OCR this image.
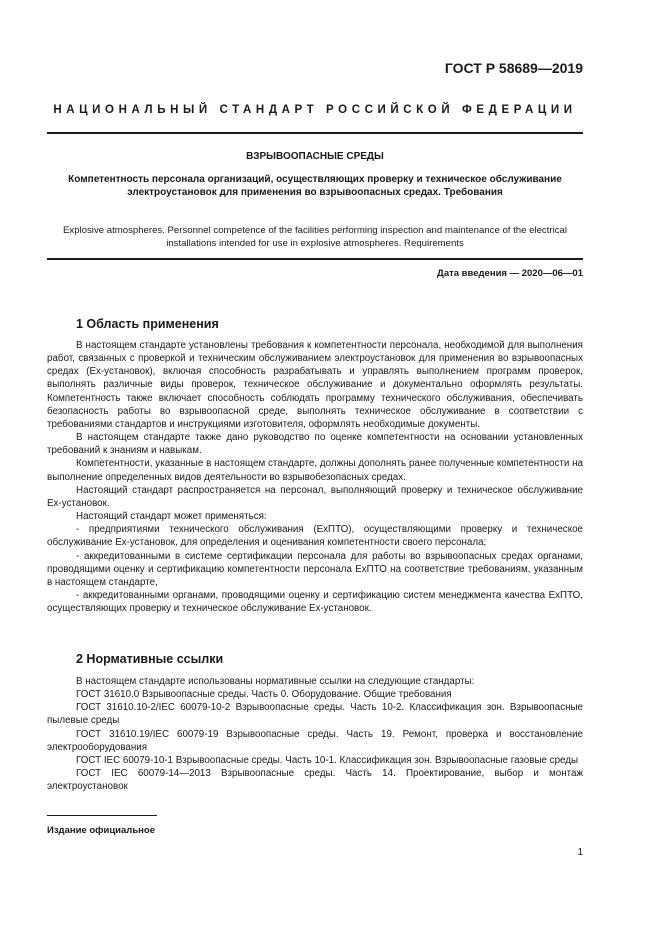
ГОСТ Р 58689—2019
НАЦИОНАЛЬНЫЙ СТАНДАРТ РОССИЙСКОЙ ФЕДЕРАЦИИ
ВЗРЫВООПАСНЫЕ СРЕДЫ
Компетентность персонала организаций, осуществляющих проверку и техническое обслуживание электроустановок для применения во взрывоопасных средах. Требования
Explosive atmospheres. Personnel competence of the facilities performing inspection and maintenance of the electrical installations intended for use in explosive atmospheres. Requirements
Дата введения — 2020—06—01
1 Область применения

В настоящем стандарте установлены требования к компетентности персонала, необходимой для выполнения работ, связанных с проверкой и техническим обслуживанием электроустановок для применения во взрывоопасных средах (Ех-установок), включая способность разрабатывать и управлять выполнением программ проверок, выполнять различные виды проверок, техническое обслуживание и документально оформлять результаты. Компетентность также включает способность соблюдать программу технического обслуживания, обеспечивать безопасность работы во взрывоопасной среде, выполнять техническое обслуживание в соответствии с требованиями стандартов и инструкциями изготовителя, оформлять необходимые документы.

В настоящем стандарте также дано руководство по оценке компетентности на основании установленных требований к знаниям и навыкам.

Компетентности, указанные в настоящем стандарте, должны дополнять ранее полученные компетентности на выполнение определенных видов деятельности во взрывобезопасных средах.

Настоящий стандарт распространяется на персонал, выполняющий проверку и техническое обслуживание Ех-установок.

Настоящий стандарт может применяться:

- предприятиями технического обслуживания (ЕхПТО), осуществляющими проверку и техническое обслуживание Ех-установок, для определения и оценивания компетентности своего персонала;

- аккредитованными в системе сертификации персонала для работы во взрывоопасных средах органами, проводящими оценку и сертификацию компетентности персонала ЕхПТО на соответствие требованиям, указанным в настоящем стандарте,

- аккредитованными органами, проводящими оценку и сертификацию систем менеджмента качества ЕхПТО, осуществляющих проверку и техническое обслуживание Ех-установок.

2 Нормативные ссылки

В настоящем стандарте использованы нормативные ссылки на следующие стандарты:

ГОСТ 31610.0 Взрывоопасные среды. Часть 0. Оборудование. Общие требования

ГОСТ 31610.10-2/IEC 60079-10-2 Взрывоопасные среды. Часть 10-2. Классификация зон. Взрывоопасные пылевые среды

ГОСТ 31610.19/IEC 60079-19 Взрывоопасные среды. Часть 19. Ремонт, проверка и восстановление электрооборудования

ГОСТ IEC 60079-10-1 Взрывоопасные среды. Часть 10-1. Классификация зон. Взрывоопасные газовые среды

ГОСТ IEC 60079-14—2013 Взрывоопасные среды. Часть 14. Проектирование, выбор и монтаж электроустановок

Издание официальное
1
